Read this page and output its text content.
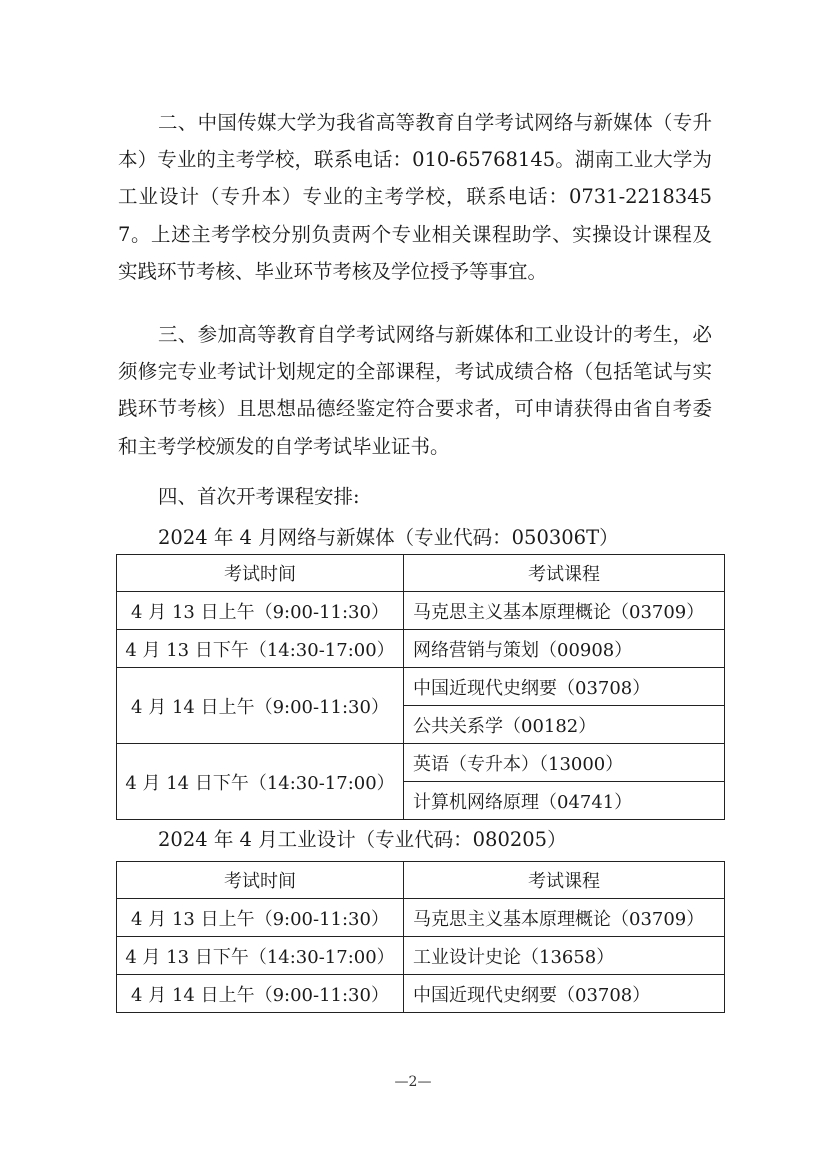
二、中国传媒大学为我省高等教育自学考试网络与新媒体（专升本）专业的主考学校，联系电话：010-65768145。湖南工业大学为工业设计（专升本）专业的主考学校，联系电话：0731-22183457。上述主考学校分别负责两个专业相关课程助学、实操设计课程及实践环节考核、毕业环节考核及学位授予等事宜。

三、参加高等教育自学考试网络与新媒体和工业设计的考生，必须修完专业考试计划规定的全部课程，考试成绩合格（包括笔试与实践环节考核）且思想品德经鉴定符合要求者，可申请获得由省自考委和主考学校颁发的自学考试毕业证书。

四、首次开考课程安排:

2024 年 4 月网络与新媒体（专业代码：050306T）
考试时间	考试课程
4 月 13 日上午（9:00-11:30）	马克思主义基本原理概论（03709）
4 月 13 日下午（14:30-17:00）	网络营销与策划（00908）
4 月 14 日上午（9:00-11:30）	中国近现代史纲要（03708）
	公共关系学（00182）
4 月 14 日下午（14:30-17:00）	英语（专升本）（13000）
	计算机网络原理（04741）
2024 年 4 月工业设计（专业代码：080205）
考试时间	考试课程
4 月 13 日上午（9:00-11:30）	马克思主义基本原理概论（03709）
4 月 13 日下午（14:30-17:00）	工业设计史论（13658）
4 月 14 日上午（9:00-11:30）	中国近现代史纲要（03708）
—2—
